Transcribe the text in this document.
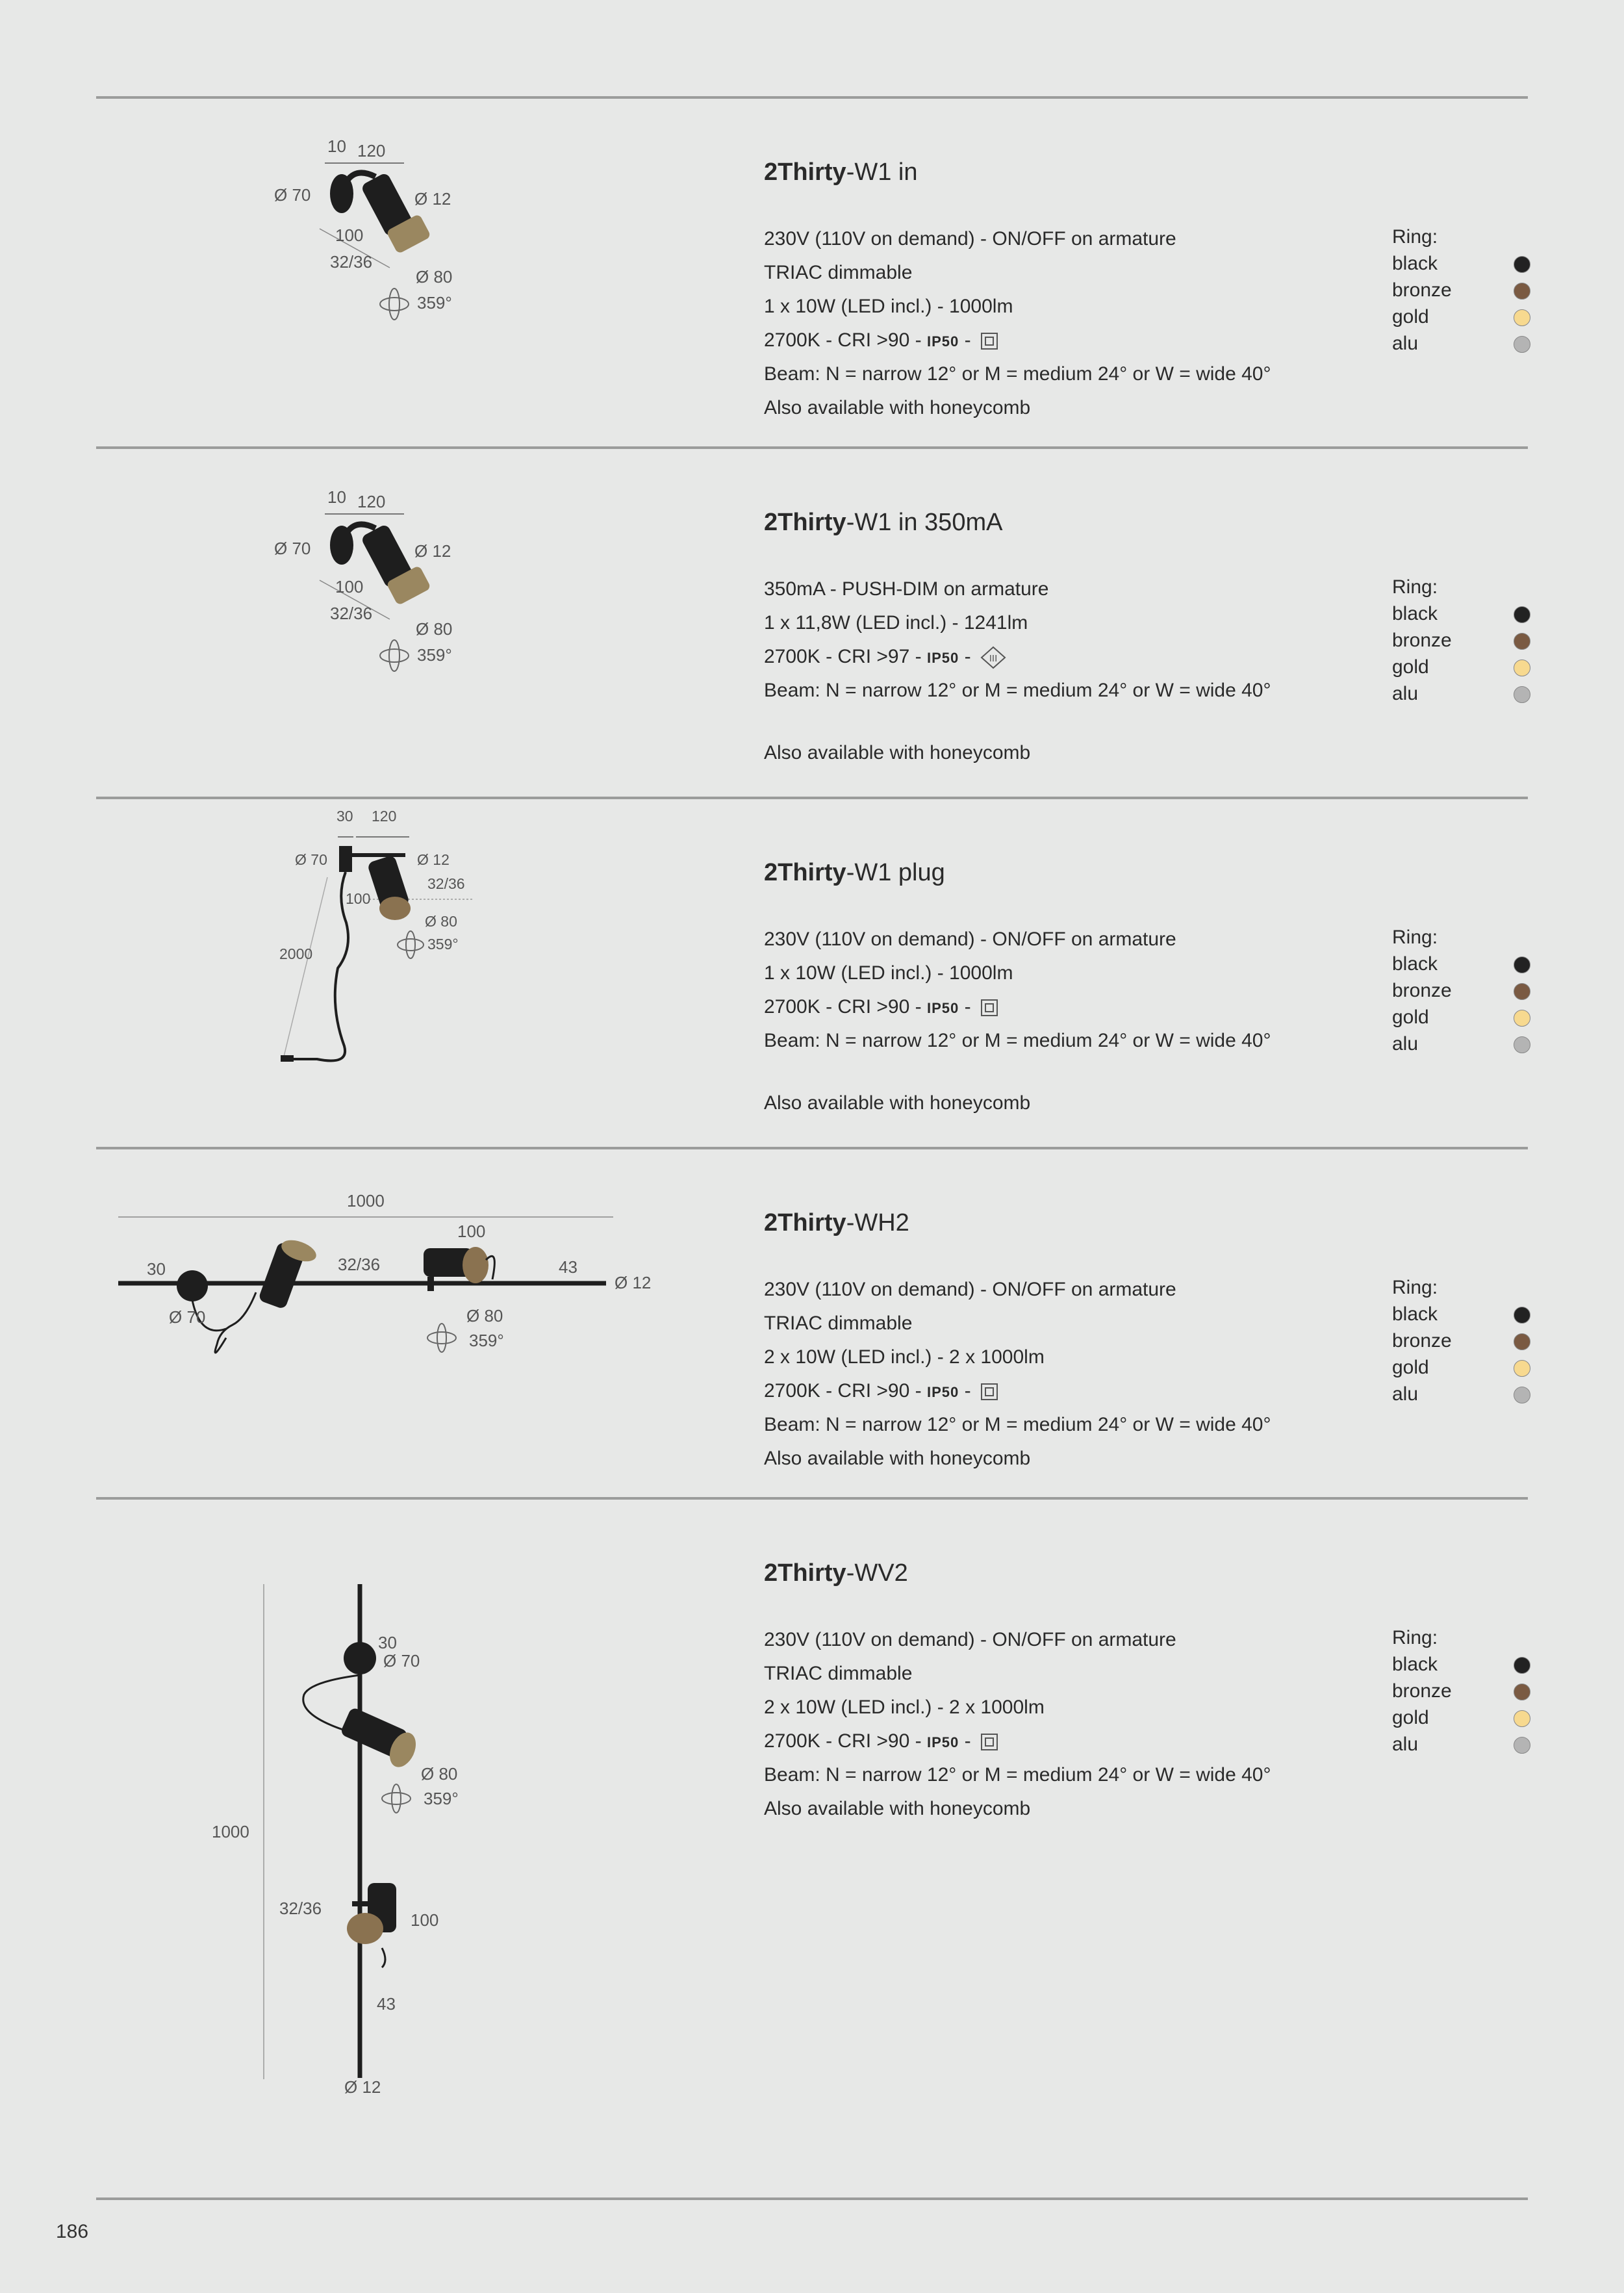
10 120
Ø 70	Ø 12
100
32/36
Ø 80
359°
2Thirty-W1 in
230V (110V on demand) - ON/OFF on armature
TRIAC dimmable
1 x 10W (LED incl.) - 1000lm
2700K - CRI >90 - IP50 -
Beam: N = narrow 12° or M = medium 24° or W = wide 40°
Also available with honeycomb
Ring:
black
bronze
gold
alu
10 120
Ø 70	Ø 12
100
32/36
Ø 80
359°
2Thirty-W1 in 350mA
350mA - PUSH-DIM on armature
1 x 11,8W (LED incl.) - 1241lm
2700K - CRI >97 - IP50 - III
Beam: N = narrow 12° or M = medium 24° or W = wide 40°
Also available with honeycomb
Ring:
black
bronze
gold
alu
30 120
Ø 70	Ø 12
32/36
100
Ø 80
359°
2000
2Thirty-W1 plug
230V (110V on demand) - ON/OFF on armature
1 x 10W (LED incl.) - 1000lm
2700K - CRI >90 - IP50 -
Beam: N = narrow 12° or M = medium 24° or W = wide 40°
Also available with honeycomb
Ring:
black
bronze
gold
alu
1000
100
30	32/36	43
Ø 12
Ø 70	Ø 80
359°
2Thirty-WH2
230V (110V on demand) - ON/OFF on armature
TRIAC dimmable
2 x 10W (LED incl.) - 2 x 1000lm
2700K - CRI >90 - IP50 -
Beam: N = narrow 12° or M = medium 24° or W = wide 40°
Also available with honeycomb
Ring:
black
bronze
gold
alu
30
Ø 70
Ø 80
359°
1000
32/36
100
43
Ø 12
2Thirty-WV2
230V (110V on demand) - ON/OFF on armature
TRIAC dimmable
2 x 10W (LED incl.) - 2 x 1000lm
2700K - CRI >90 - IP50 -
Beam: N = narrow 12° or M = medium 24° or W = wide 40°
Also available with honeycomb
Ring:
black
bronze
gold
alu
186
